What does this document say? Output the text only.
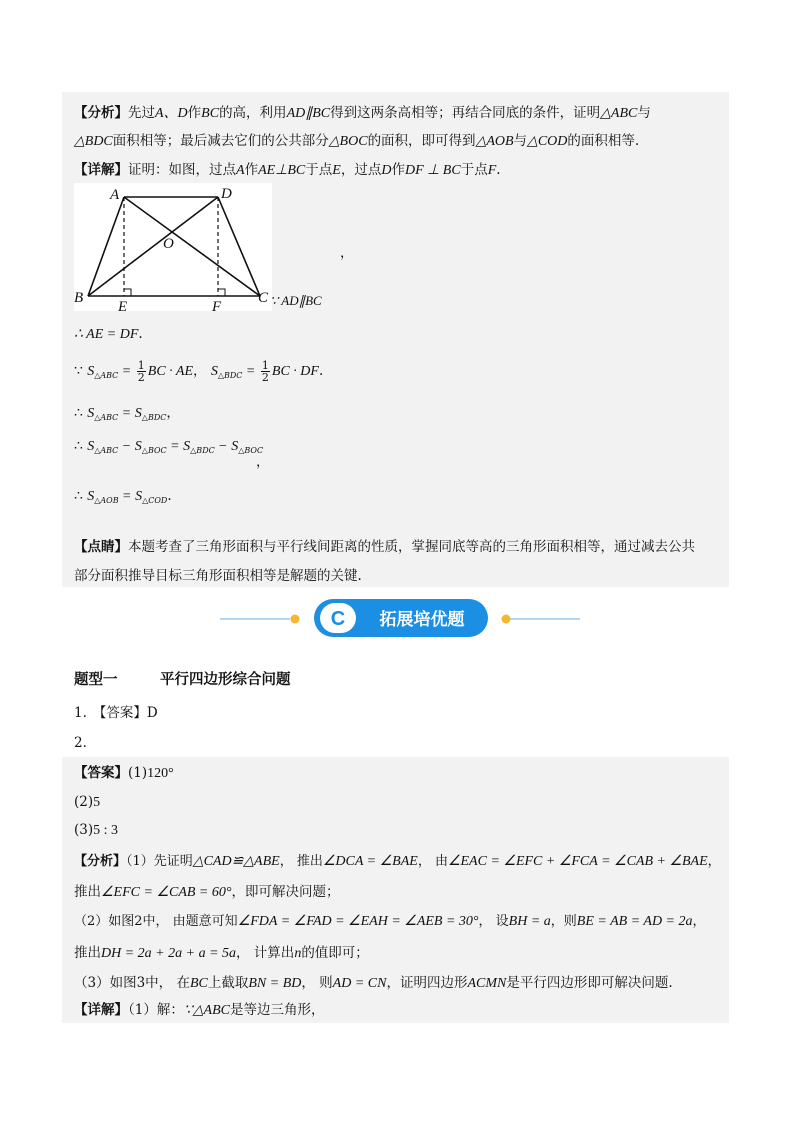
【分析】先过A、D作BC的高，利用AD∥BC得到这两条高相等；再结合同底的条件，证明△ABC与
△BDC面积相等；最后减去它们的公共部分△BOC的面积，即可得到△AOB与△COD的面积相等.
【详解】证明：如图，过点A作AE⊥BC于点E，过点D作DF ⊥ BC于点F.
A	D
O
B
E	F
C
，
∵ AD∥BC
∴ AE = DF.
∵ $S_{\triangle ABC} = \frac{1}{2}$ BC · AE， $S_{\triangle BDC} = \frac{1}{2}$ BC · DF.
∴ $S_{\triangle ABC} = S_{\triangle BDC}$，
∴ $S_{\triangle ABC} - S_{\triangle BOC} = S_{\triangle BDC} - S_{\triangle BOC}$
，
∴ $S_{\triangle AOB} = S_{\triangle COD}$.
【点睛】本题考查了三角形面积与平行线间距离的性质，掌握同底等高的三角形面积相等，通过减去公共
部分面积推导目标三角形面积相等是解题的关键.
C 拓展培优题
题型一	平行四边形综合问题
1. 【答案】D
2.
【答案】(1)120°
(2)5
(3)5 : 3
【分析】（1）先证明△CAD≌△ABE， 推出∠DCA = ∠BAE， 由∠EAC = ∠EFC + ∠FCA = ∠CAB + ∠BAE，
推出∠EFC = ∠CAB = 60°，即可解决问题；
（2）如图2中， 由题意可知∠FDA = ∠FAD = ∠EAH = ∠AEB = 30°， 设BH = a，则BE = AB = AD = 2a，
推出DH = 2a + 2a + a = 5a， 计算出n的值即可；
（3）如图3中， 在BC上截取BN = BD， 则AD = CN，证明四边形ACMN是平行四边形即可解决问题.
【详解】（1）解：∵△ABC是等边三角形，
